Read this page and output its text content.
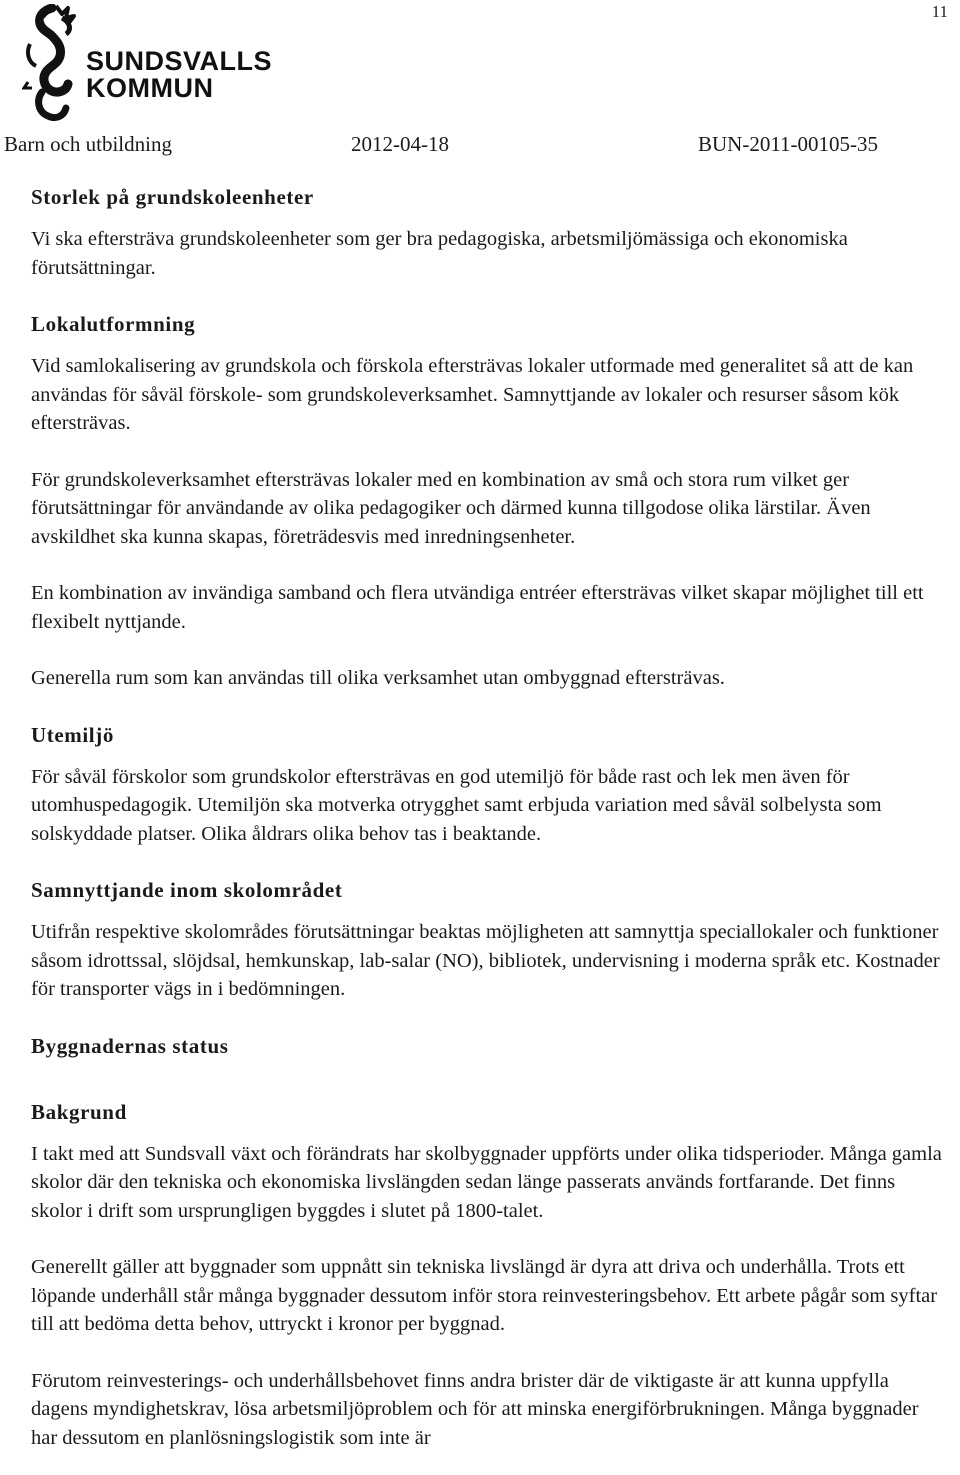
11
SUNDSVALLS
KOMMUN
Barn och utbildning	2012-04-18	BUN-2011-00105-35
Storlek på grundskoleenheter
Vi ska eftersträva grundskoleenheter som ger bra pedagogiska, arbetsmiljömässiga och ekonomiska förutsättningar.
Lokalutformning
Vid samlokalisering av grundskola och förskola eftersträvas lokaler utformade med generalitet så att de kan användas för såväl förskole- som grundskoleverksamhet. Samnyttjande av lokaler och resurser såsom kök eftersträvas.
För grundskoleverksamhet eftersträvas lokaler med en kombination av små och stora rum vilket ger förutsättningar för användande av olika pedagogiker och därmed kunna tillgodose olika lärstilar. Även avskildhet ska kunna skapas, företrädesvis med inredningsenheter.
En kombination av invändiga samband och flera utvändiga entréer eftersträvas vilket skapar möjlighet till ett flexibelt nyttjande.
Generella rum som kan användas till olika verksamhet utan ombyggnad eftersträvas.
Utemiljö
För såväl förskolor som grundskolor eftersträvas en god utemiljö för både rast och lek men även för utomhuspedagogik. Utemiljön ska motverka otrygghet samt erbjuda variation med såväl solbelysta som solskyddade platser. Olika åldrars olika behov tas i beaktande.
Samnyttjande inom skolområdet
Utifrån respektive skolområdes förutsättningar beaktas möjligheten att samnyttja speciallokaler och funktioner såsom idrottssal, slöjdsal, hemkunskap, lab-salar (NO), bibliotek, undervisning i moderna språk etc. Kostnader för transporter vägs in i bedömningen.
Byggnadernas status
Bakgrund
I takt med att Sundsvall växt och förändrats har skolbyggnader uppförts under olika tidsperioder. Många gamla skolor där den tekniska och ekonomiska livslängden sedan länge passerats används fortfarande. Det finns skolor i drift som ursprungligen byggdes i slutet på 1800-talet.
Generellt gäller att byggnader som uppnått sin tekniska livslängd är dyra att driva och underhålla. Trots ett löpande underhåll står många byggnader dessutom inför stora reinvesteringsbehov. Ett arbete pågår som syftar till att bedöma detta behov, uttryckt i kronor per byggnad.
Förutom reinvesterings- och underhållsbehovet finns andra brister där de viktigaste är att kunna uppfylla dagens myndighetskrav, lösa arbetsmiljöproblem och för att minska energiförbrukningen. Många byggnader har dessutom en planlösningslogistik som inte är
